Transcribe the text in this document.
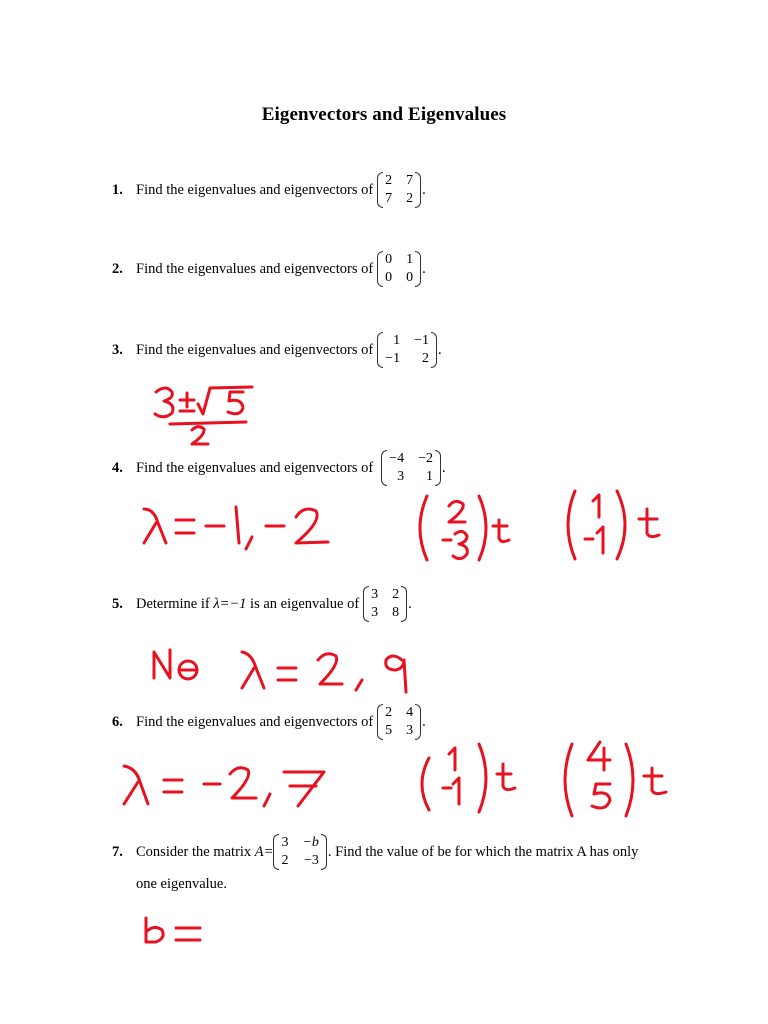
Eigenvectors and Eigenvalues
1. Find the eigenvalues and eigenvectors of
2 7
7 2
.
2. Find the eigenvalues and eigenvectors of
0 1
0 0
.
3. Find the eigenvalues and eigenvectors of
1 −1
−1	2
.
4. Find the eigenvalues and eigenvectors of
−4 −2
3	1
.
5. Determine if
λ=−1
is an eigenvalue of
3 2
3 8
.
6. Find the eigenvalues and eigenvectors of
2 4
5 3
.
7. Consider the matrix
A=
3 −b
2 −3
. Find the value of be for which the matrix A has only
one eigenvalue.
